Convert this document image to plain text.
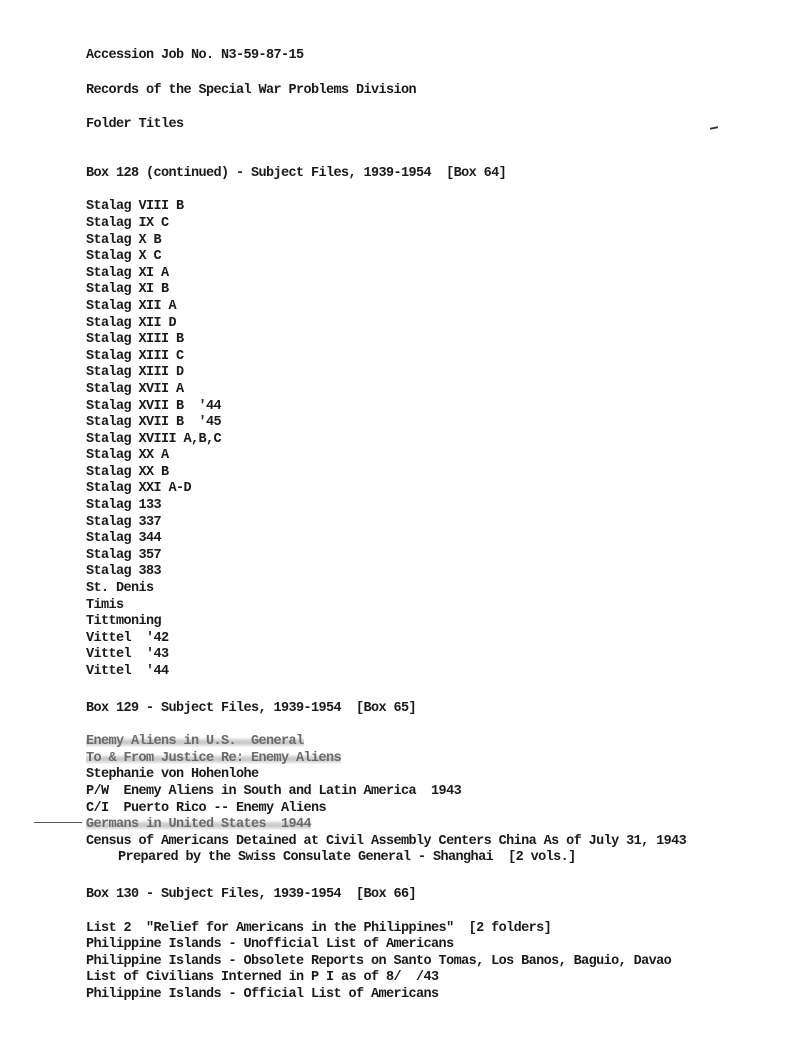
Accession Job No. N3-59-87-15
Records of the Special War Problems Division
Folder Titles
Box 128 (continued) - Subject Files, 1939-1954  [Box 64]
Stalag VIII B
Stalag IX C
Stalag X B
Stalag X C
Stalag XI A
Stalag XI B
Stalag XII A
Stalag XII D
Stalag XIII B
Stalag XIII C
Stalag XIII D
Stalag XVII A
Stalag XVII B  '44
Stalag XVII B  '45
Stalag XVIII A,B,C
Stalag XX A
Stalag XX B
Stalag XXI A-D
Stalag 133
Stalag 337
Stalag 344
Stalag 357
Stalag 383
St. Denis
Timis
Tittmoning
Vittel  '42
Vittel  '43
Vittel  '44
Box 129 - Subject Files, 1939-1954  [Box 65]
Enemy Aliens in U.S.  General
To & From Justice Re: Enemy Aliens
Stephanie von Hohenlohe
P/W  Enemy Aliens in South and Latin America  1943
C/I  Puerto Rico -- Enemy Aliens
Germans in United States  1944
Census of Americans Detained at Civil Assembly Centers China As of July 31, 1943
Prepared by the Swiss Consulate General - Shanghai  [2 vols.]
Box 130 - Subject Files, 1939-1954  [Box 66]
List 2  "Relief for Americans in the Philippines"  [2 folders]
Philippine Islands - Unofficial List of Americans
Philippine Islands - Obsolete Reports on Santo Tomas, Los Banos, Baguio, Davao
List of Civilians Interned in P I as of 8/  /43
Philippine Islands - Official List of Americans
